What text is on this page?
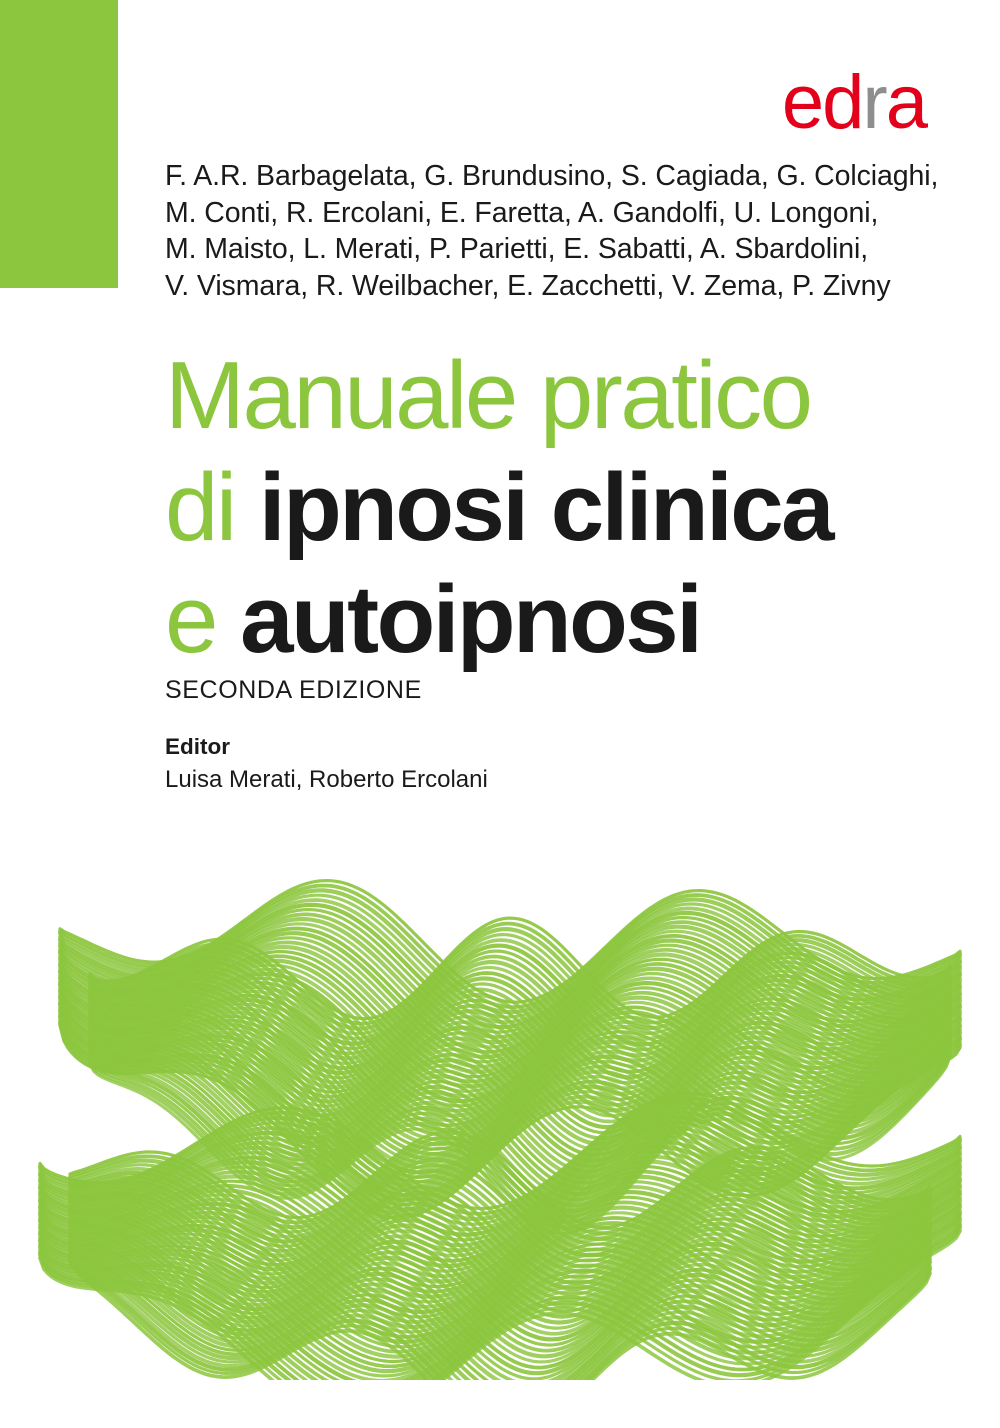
edra
F. A.R. Barbagelata, G. Brundusino, S. Cagiada, G. Colciaghi,
M. Conti, R. Ercolani, E. Faretta, A. Gandolfi, U. Longoni,
M. Maisto, L. Merati, P. Parietti, E. Sabatti, A. Sbardolini,
V. Vismara, R. Weilbacher, E. Zacchetti, V. Zema, P. Zivny
Manuale pratico
di ipnosi clinica
e autoipnosi
SECONDA EDIZIONE
Editor
Luisa Merati, Roberto Ercolani
